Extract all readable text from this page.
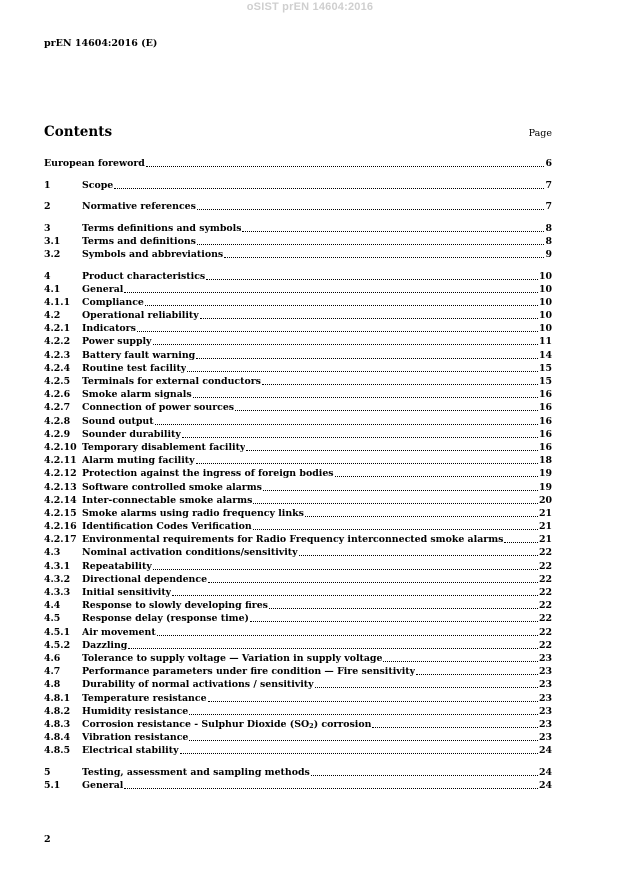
oSIST prEN 14604:2016
prEN 14604:2016 (E)
Contents	Page
European foreword	6
1	Scope	7
2	Normative references	7
3	Terms definitions and symbols	8
3.1	Terms and definitions	8
3.2	Symbols and abbreviations	9
4	Product characteristics	10
4.1	General	10
4.1.1	Compliance	10
4.2	Operational reliability	10
4.2.1	Indicators	10
4.2.2	Power supply	11
4.2.3	Battery fault warning	14
4.2.4	Routine test facility	15
4.2.5	Terminals for external conductors	15
4.2.6	Smoke alarm signals	16
4.2.7	Connection of power sources	16
4.2.8	Sound output	16
4.2.9	Sounder durability	16
4.2.10 Temporary disablement facility	16
4.2.11 Alarm muting facility	18
4.2.12 Protection against the ingress of foreign bodies	19
4.2.13 Software controlled smoke alarms	19
4.2.14 Inter-connectable smoke alarms	20
4.2.15 Smoke alarms using radio frequency links	21
4.2.16 Identification Codes Verification	21
4.2.17 Environmental requirements for Radio Frequency interconnected smoke alarms	21
4.3	Nominal activation conditions/sensitivity	22
4.3.1	Repeatability	22
4.3.2	Directional dependence	22
4.3.3	Initial sensitivity	22
4.4	Response to slowly developing fires	22
4.5	Response delay (response time)	22
4.5.1	Air movement	22
4.5.2	Dazzling	22
4.6	Tolerance to supply voltage — Variation in supply voltage	23
4.7	Performance parameters under fire condition — Fire sensitivity	23
4.8	Durability of normal activations / sensitivity	23
4.8.1	Temperature resistance	23
4.8.2	Humidity resistance	23
4.8.3	Corrosion resistance - Sulphur Dioxide $(SO_2)$ corrosion	23
4.8.4	Vibration resistance	23
4.8.5	Electrical stability	24
5	Testing, assessment and sampling methods	24
5.1	General	24
2
